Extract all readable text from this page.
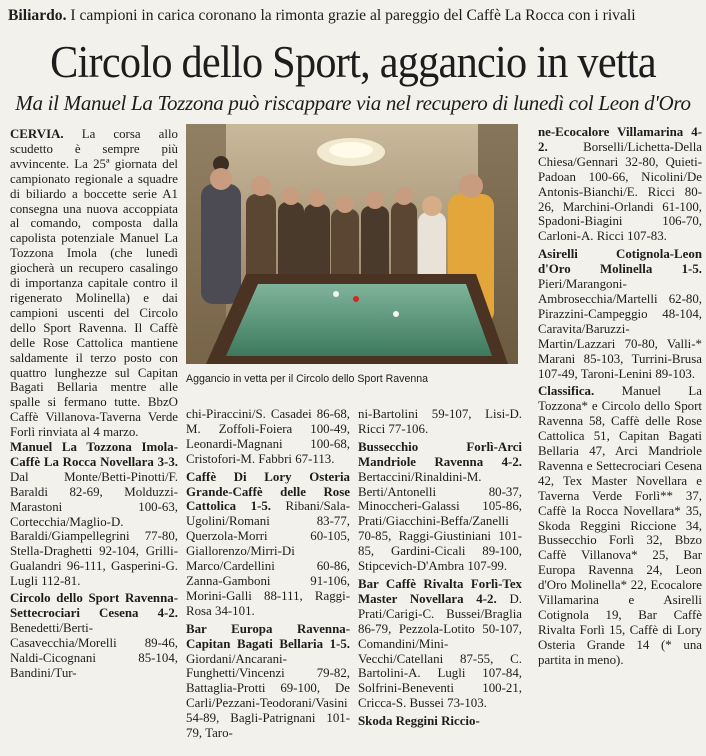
Biliardo. I campioni in carica coronano la rimonta grazie al pareggio del Caffè La Rocca con i rivali
Circolo dello Sport, aggancio in vetta
Ma il Manuel La Tozzona può riscappare via nel recupero di lunedì col Leon d'Oro

CERVIA. La corsa allo scudetto è sempre più avvincente. La 25ª giornata del campionato regionale a squadre di biliardo a boccette serie A1 consegna una nuova accoppiata al comando, composta dalla capolista potenziale Manuel La Tozzona Imola (che lunedì giocherà un recupero casalingo di importanza capitale contro il rigenerato Molinella) e dai campioni uscenti del Circolo dello Sport Ravenna. Il Caffè delle Rose Cattolica mantiene saldamente il terzo posto con quattro lunghezze sul Capitan Bagati Bellaria mentre alle spalle si fermano tutte. BbzO Caffè Villanova-Taverna Verde Forlì rinviata al 4 marzo.

Manuel La Tozzona Imola-Caffè La Rocca Novellara 3-3. Dal Monte/Betti-Pinotti/F. Baraldi 82-69, Molduzzi-Marastoni 100-63, Cortecchia/Maglio-D. Baraldi/Giampellegrini 77-80, Stella-Draghetti 92-104, Grilli-Gualandri 96-111, Gasperini-G. Lugli 112-81.

Circolo dello Sport Ravenna-Settecrociari Cesena 4-2. Benedetti/Berti-Casavecchia/Morelli 89-46, Naldi-Cicognani 85-104, Bandini/Tur-

Aggancio in vetta per il Circolo dello Sport Ravenna

chi-Piraccini/S. Casadei 86-68, M. Zoffoli-Foiera 100-49, Leonardi-Magnani 100-68, Cristofori-M. Fabbri 67-113.

Caffè Di Lory Osteria Grande-Caffè delle Rose Cattolica 1-5. Ribani/Sala-Ugolini/Romani 83-77, Querzola-Morri 60-105, Giallorenzo/Mirri-Di Marco/Cardellini 60-86, Zanna-Gamboni 91-106, Morini-Galli 88-111, Raggi-Rosa 34-101.

Bar Europa Ravenna-Capitan Bagati Bellaria 1-5. Giordani/Ancarani-Funghetti/Vincenzi 79-82, Battaglia-Protti 69-100, De Carli/Pezzani-Teodorani/Vasini 54-89, Bagli-Patrignani 101-79, Taro-

ni-Bartolini 59-107, Lisi-D. Ricci 77-106.

Bussecchio Forlì-Arci Mandriole Ravenna 4-2. Bertaccini/Rinaldini-M. Berti/Antonelli 80-37, Minoccheri-Galassi 105-86, Prati/Giacchini-Beffa/Zanelli 70-85, Raggi-Giustiniani 101-85, Gardini-Cicali 89-100, Stipcevich-D'Ambra 107-99.

Bar Caffè Rivalta Forlì-Tex Master Novellara 4-2. D. Prati/Carigi-C. Bussei/Braglia 86-79, Pezzola-Lotito 50-107, Comandini/Mini-Vecchi/Catellani 87-55, C. Bartolini-A. Lugli 107-84, Solfrini-Beneventi 100-21, Cricca-S. Bussei 73-103.

Skoda Reggini Riccio-

ne-Ecocalore Villamarina 4-2. Borselli/Lichetta-Della Chiesa/Gennari 32-80, Quieti-Padoan 100-66, Nicolini/De Antonis-Bianchi/E. Ricci 80-26, Marchini-Orlandi 61-100, Spadoni-Biagini 106-70, Carloni-A. Ricci 107-83.

Asirelli Cotignola-Leon d'Oro Molinella 1-5. Pieri/Marangoni-Ambrosecchia/Martelli 62-80, Pirazzini-Campeggio 48-104, Caravita/Baruzzi-Martin/Lazzari 70-80, Valli-* Marani 85-103, Turrini-Brusa 107-49, Taroni-Lenini 89-103.

Classifica. Manuel La Tozzona* e Circolo dello Sport Ravenna 58, Caffè delle Rose Cattolica 51, Capitan Bagati Bellaria 47, Arci Mandriole Ravenna e Settecrociari Cesena 42, Tex Master Novellara e Taverna Verde Forlì** 37, Caffè la Rocca Novellara* 35, Skoda Reggini Riccione 34, Bussecchio Forlì 32, Bbzo Caffè Villanova* 25, Bar Europa Ravenna 24, Leon d'Oro Molinella* 22, Ecocalore Villamarina e Asirelli Cotignola 19, Bar Caffè Rivalta Forlì 15, Caffè di Lory Osteria Grande 14 (* una partita in meno).
